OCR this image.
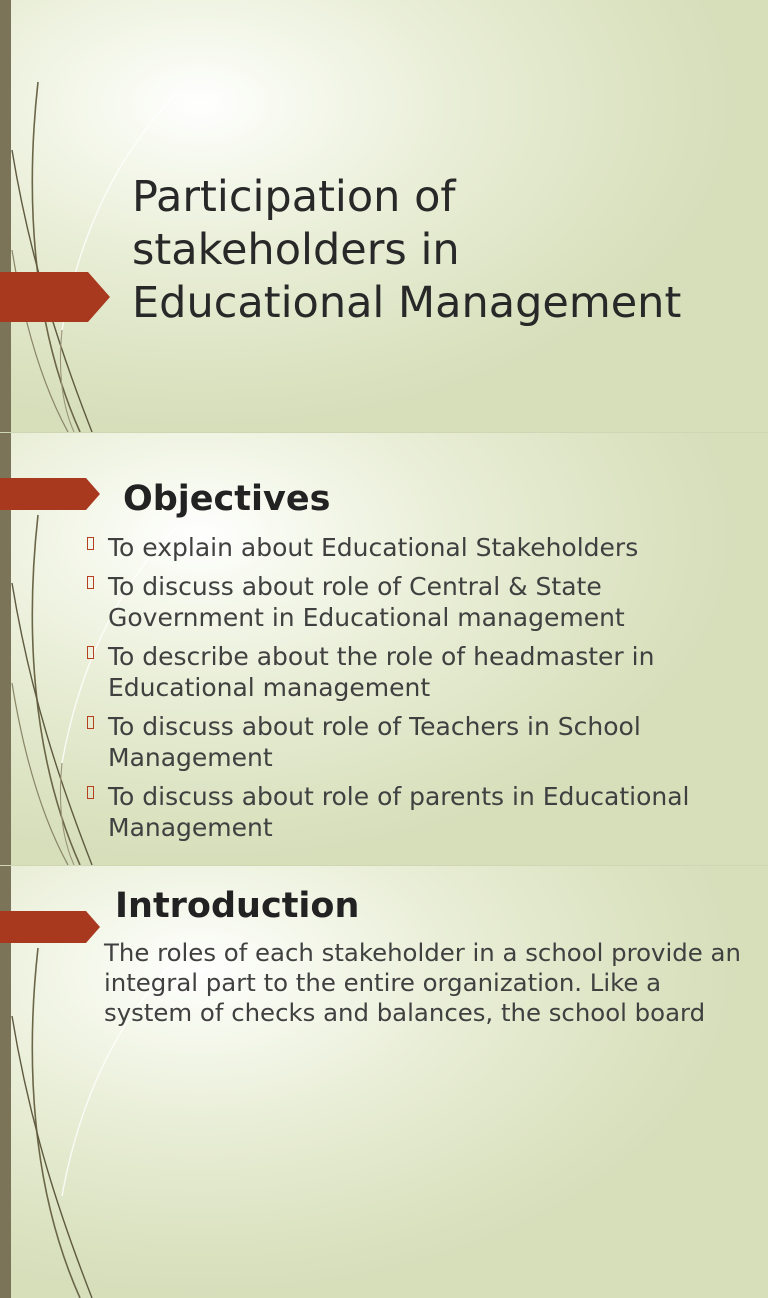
Participation of
stakeholders in
Educational Management
Objectives
To explain about Educational Stakeholders
To discuss about role of Central & State
Government in Educational management
To describe about the role of headmaster in
Educational management
To discuss about role of Teachers in School
Management
To discuss about role of parents in Educational
Management
Introduction
The roles of each stakeholder in a school provide an
integral part to the entire organization. Like a
system of checks and balances, the school board
